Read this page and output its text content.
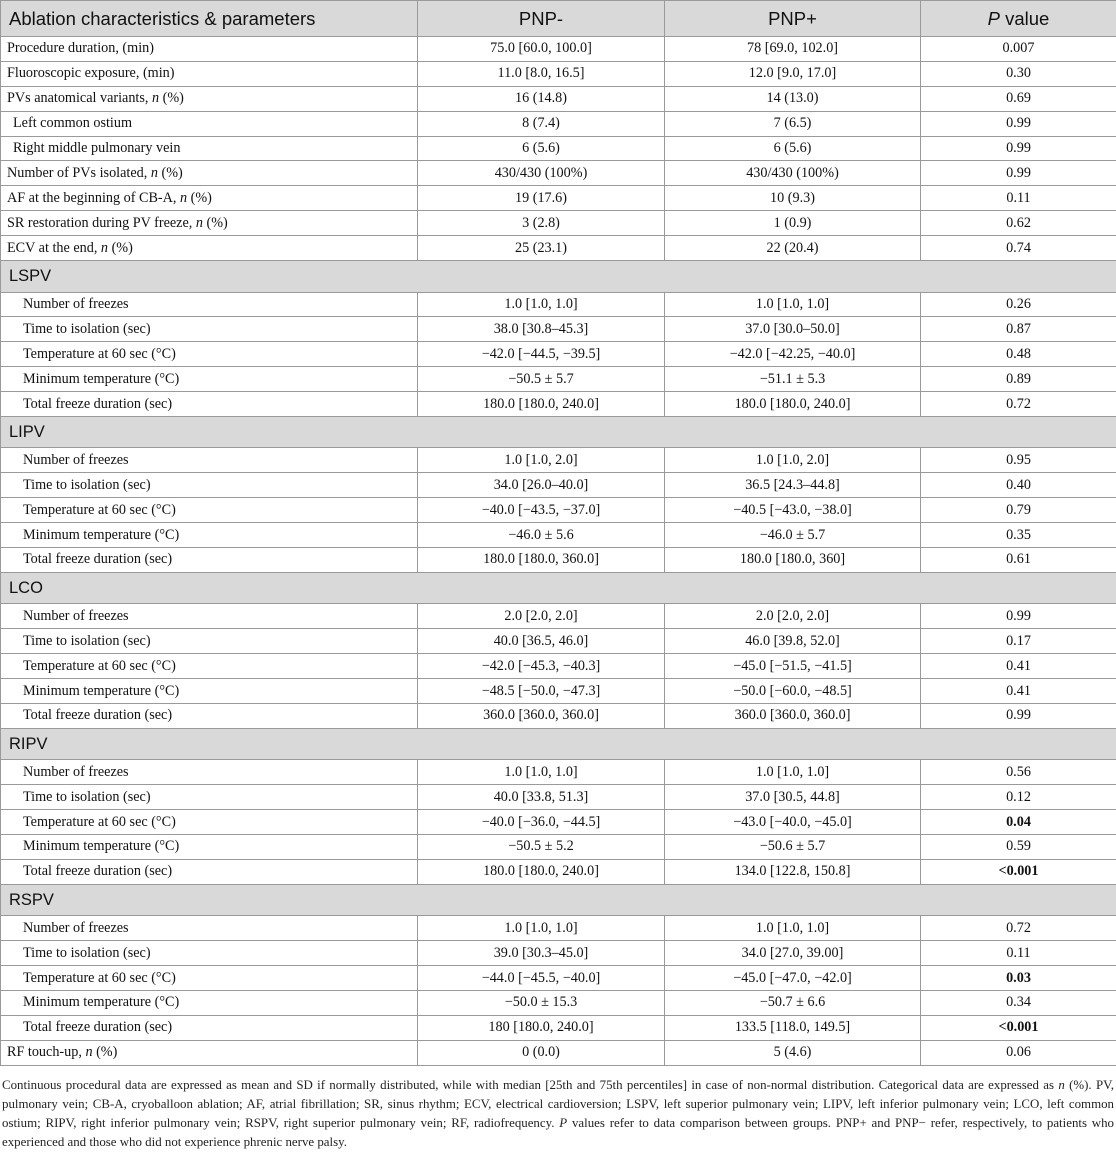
Ablation characteristics & parameters	PNP-	PNP+	P value
Procedure duration, (min)	75.0 [60.0, 100.0]	78 [69.0, 102.0]	0.007
Fluoroscopic exposure, (min)	11.0 [8.0, 16.5]	12.0 [9.0, 17.0]	0.30
PVs anatomical variants, n (%)	16 (14.8)	14 (13.0)	0.69
Left common ostium	8 (7.4)	7 (6.5)	0.99
Right middle pulmonary vein	6 (5.6)	6 (5.6)	0.99
Number of PVs isolated, n (%)	430/430 (100%)	430/430 (100%)	0.99
AF at the beginning of CB-A, n (%)	19 (17.6)	10 (9.3)	0.11
SR restoration during PV freeze, n (%)	3 (2.8)	1 (0.9)	0.62
ECV at the end, n (%)	25 (23.1)	22 (20.4)	0.74
LSPV			
Number of freezes	1.0 [1.0, 1.0]	1.0 [1.0, 1.0]	0.26
Time to isolation (sec)	38.0 [30.8–45.3]	37.0 [30.0–50.0]	0.87
Temperature at 60 sec (°C)	−42.0 [−44.5, −39.5]	−42.0 [−42.25, −40.0]	0.48
Minimum temperature (°C)	−50.5 ± 5.7	−51.1 ± 5.3	0.89
Total freeze duration (sec)	180.0 [180.0, 240.0]	180.0 [180.0, 240.0]	0.72
LIPV			
Number of freezes	1.0 [1.0, 2.0]	1.0 [1.0, 2.0]	0.95
Time to isolation (sec)	34.0 [26.0–40.0]	36.5 [24.3–44.8]	0.40
Temperature at 60 sec (°C)	−40.0 [−43.5, −37.0]	−40.5 [−43.0, −38.0]	0.79
Minimum temperature (°C)	−46.0 ± 5.6	−46.0 ± 5.7	0.35
Total freeze duration (sec)	180.0 [180.0, 360.0]	180.0 [180.0, 360]	0.61
LCO			
Number of freezes	2.0 [2.0, 2.0]	2.0 [2.0, 2.0]	0.99
Time to isolation (sec)	40.0 [36.5, 46.0]	46.0 [39.8, 52.0]	0.17
Temperature at 60 sec (°C)	−42.0 [−45.3, −40.3]	−45.0 [−51.5, −41.5]	0.41
Minimum temperature (°C)	−48.5 [−50.0, −47.3]	−50.0 [−60.0, −48.5]	0.41
Total freeze duration (sec)	360.0 [360.0, 360.0]	360.0 [360.0, 360.0]	0.99
RIPV			
Number of freezes	1.0 [1.0, 1.0]	1.0 [1.0, 1.0]	0.56
Time to isolation (sec)	40.0 [33.8, 51.3]	37.0 [30.5, 44.8]	0.12
Temperature at 60 sec (°C)	−40.0 [−36.0, −44.5]	−43.0 [−40.0, −45.0]	0.04
Minimum temperature (°C)	−50.5 ± 5.2	−50.6 ± 5.7	0.59
Total freeze duration (sec)	180.0 [180.0, 240.0]	134.0 [122.8, 150.8]	<0.001
RSPV			
Number of freezes	1.0 [1.0, 1.0]	1.0 [1.0, 1.0]	0.72
Time to isolation (sec)	39.0 [30.3–45.0]	34.0 [27.0, 39.00]	0.11
Temperature at 60 sec (°C)	−44.0 [−45.5, −40.0]	−45.0 [−47.0, −42.0]	0.03
Minimum temperature (°C)	−50.0 ± 15.3	−50.7 ± 6.6	0.34
Total freeze duration (sec)	180 [180.0, 240.0]	133.5 [118.0, 149.5]	<0.001
RF touch-up, n (%)	0 (0.0)	5 (4.6)	0.06

Continuous procedural data are expressed as mean and SD if normally distributed, while with median [25th and 75th percentiles] in case of non-normal distribution. Categorical data are expressed as n (%). PV, pulmonary vein; CB-A, cryoballoon ablation; AF, atrial fibrillation; SR, sinus rhythm; ECV, electrical cardioversion; LSPV, left superior pulmonary vein; LIPV, left inferior pulmonary vein; LCO, left common ostium; RIPV, right inferior pulmonary vein; RSPV, right superior pulmonary vein; RF, radiofrequency. P values refer to data comparison between groups. PNP+ and PNP− refer, respectively, to patients who experienced and those who did not experience phrenic nerve palsy.
